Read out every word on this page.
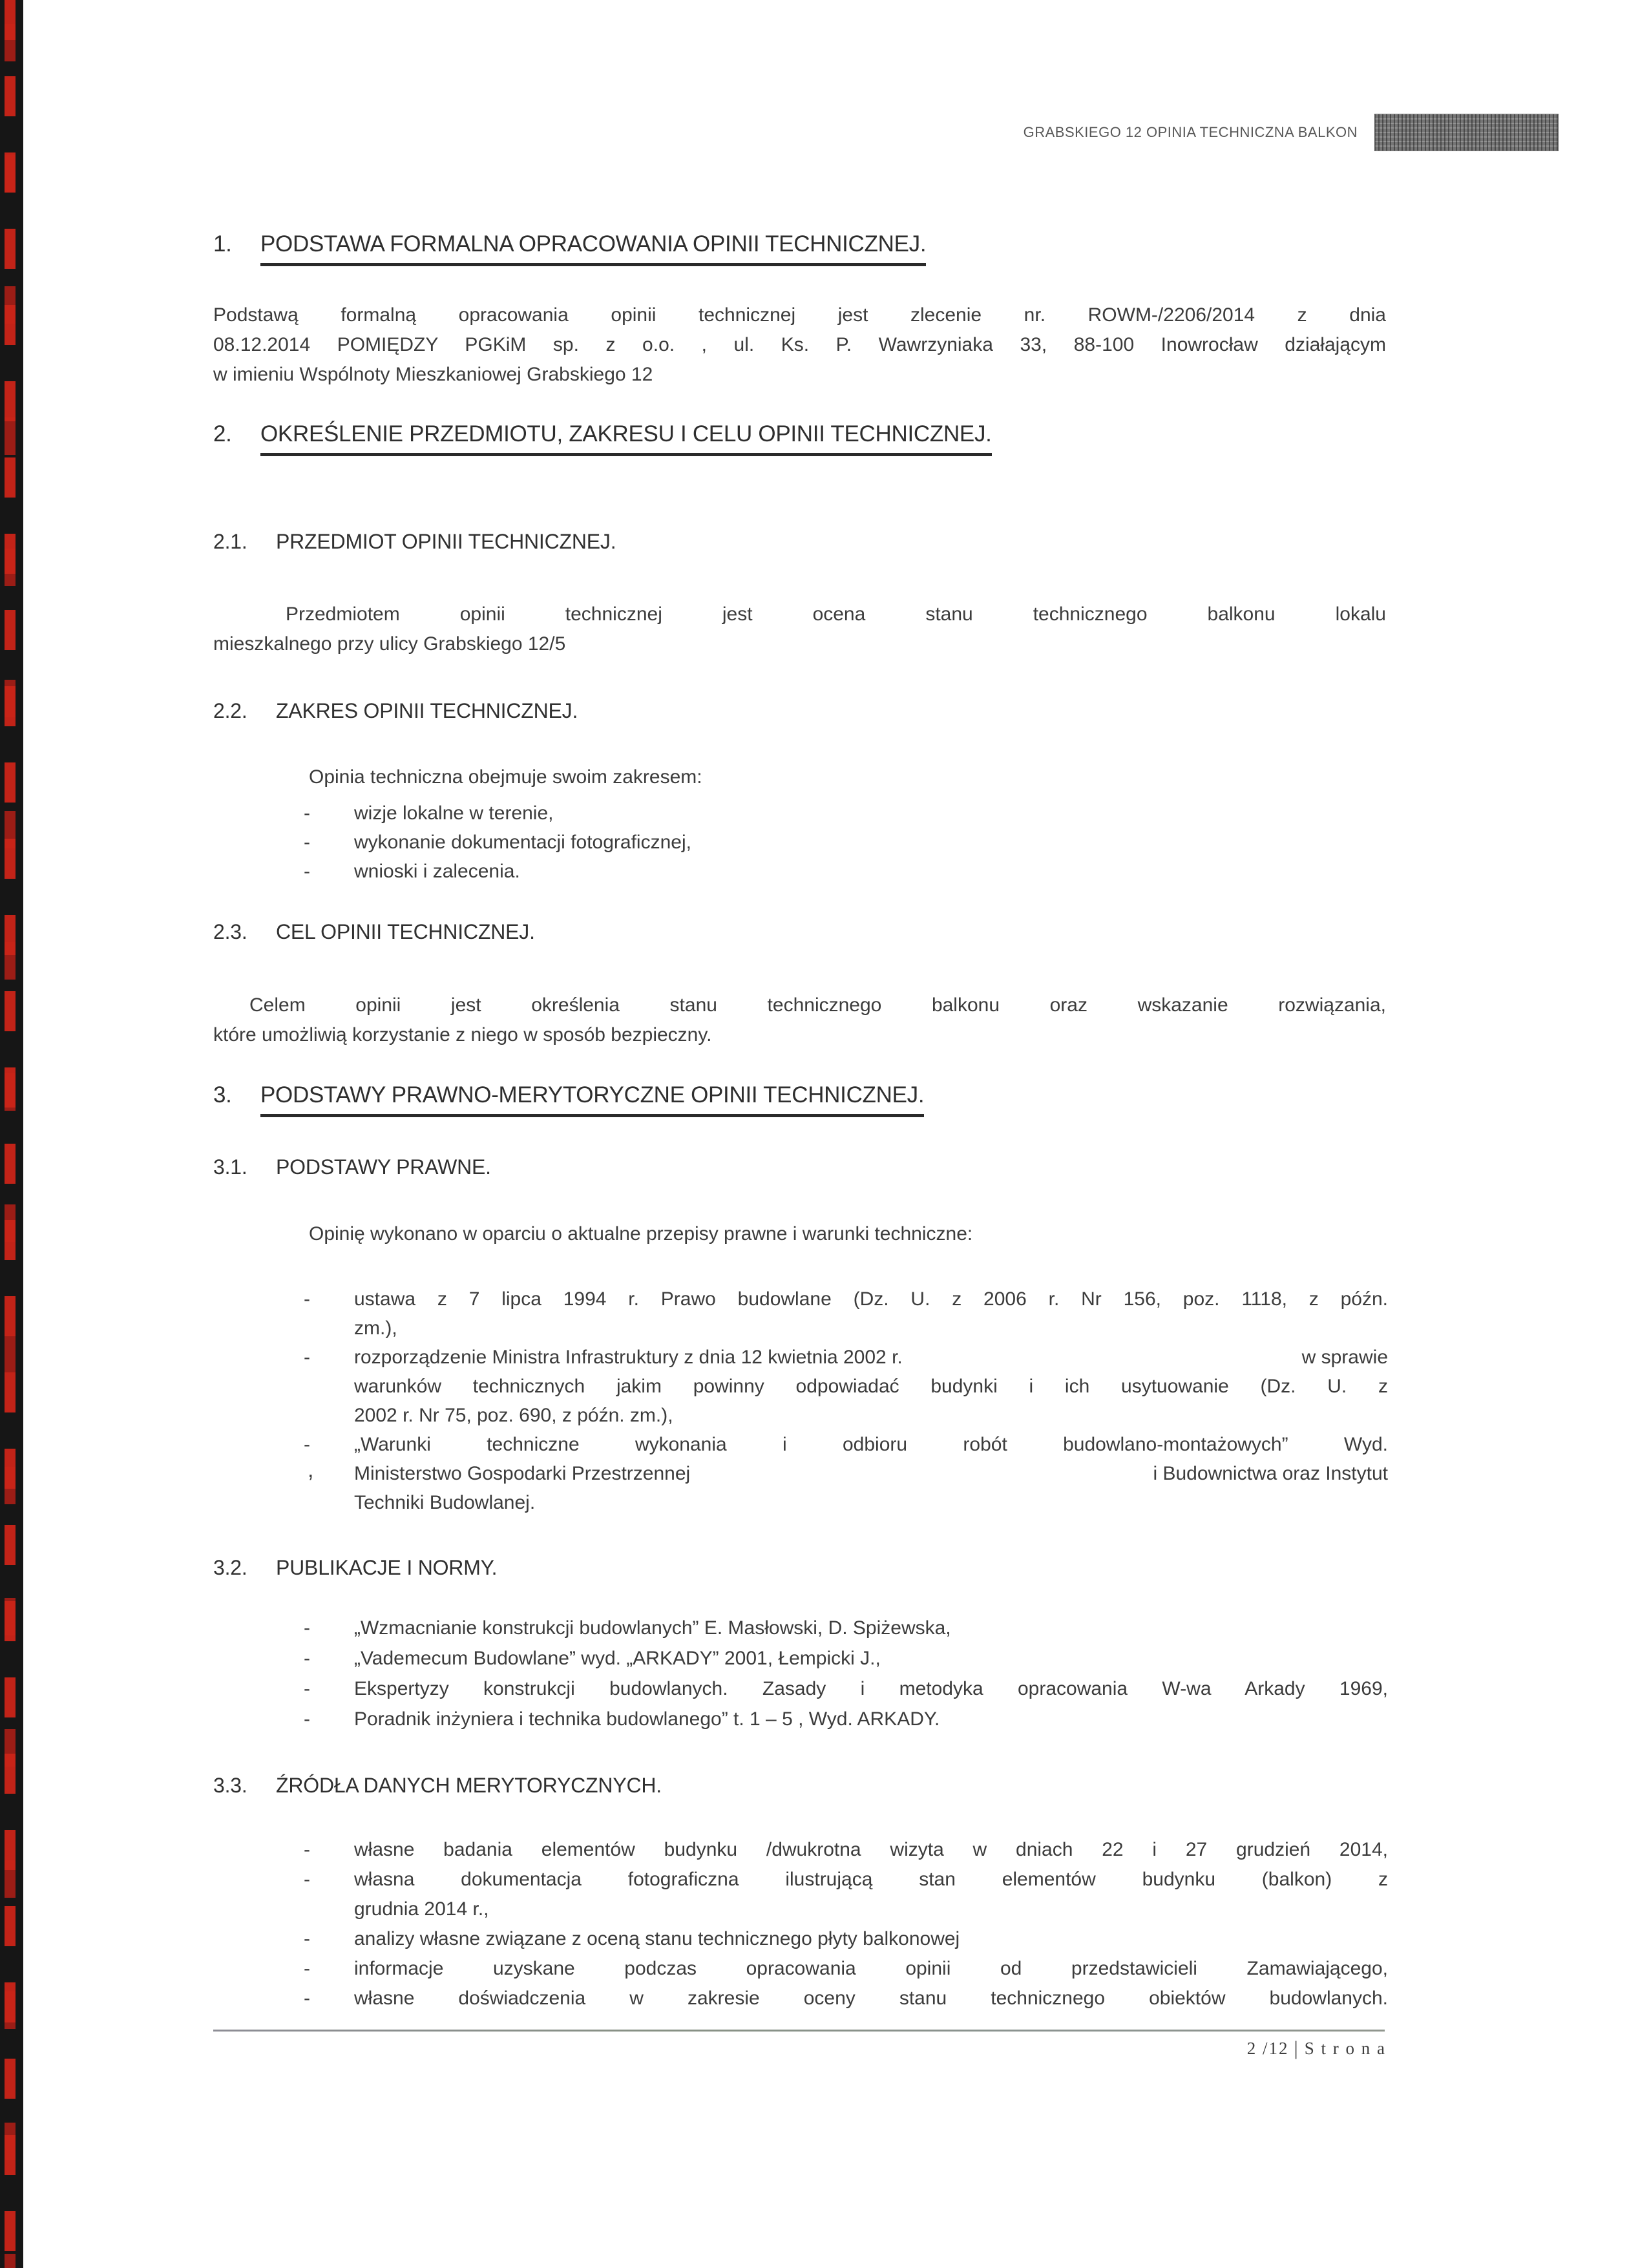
GRABSKIEGO 12 OPINIA TECHNICZNA BALKON
1.	PODSTAWA FORMALNA OPRACOWANIA OPINII TECHNICZNEJ.
Podstawą formalną opracowania opinii technicznej jest zlecenie nr. ROWM-/2206/2014 z dnia
08.12.2014 POMIĘDZY PGKiM sp. z o.o. , ul. Ks. P. Wawrzyniaka 33, 88-100 Inowrocław działającym
w imieniu Wspólnoty Mieszkaniowej Grabskiego 12
2.	OKREŚLENIE PRZEDMIOTU, ZAKRESU I CELU OPINII TECHNICZNEJ.
2.1.	PRZEDMIOT OPINII TECHNICZNEJ.
Przedmiotem opinii technicznej jest ocena stanu technicznego balkonu lokalu
mieszkalnego przy ulicy Grabskiego 12/5
2.2.	ZAKRES OPINII TECHNICZNEJ.
Opinia techniczna obejmuje swoim zakresem:
-	wizje lokalne w terenie,
-	wykonanie dokumentacji fotograficznej,
-	wnioski i zalecenia.
2.3.	CEL OPINII TECHNICZNEJ.
Celem opinii jest określenia stanu technicznego balkonu oraz wskazanie rozwiązania,
które umożliwią korzystanie z niego w sposób bezpieczny.
3.	PODSTAWY PRAWNO-MERYTORYCZNE OPINII TECHNICZNEJ.
3.1.	PODSTAWY PRAWNE.
Opinię wykonano w oparciu o aktualne przepisy prawne i warunki techniczne:
-	ustawa z 7 lipca 1994 r. Prawo budowlane (Dz. U. z 2006 r. Nr 156, poz. 1118, z późn.
zm.),
-	rozporządzenie Ministra Infrastruktury z dnia 12 kwietnia 2002 r.	w sprawie
warunków technicznych jakim powinny odpowiadać budynki i ich usytuowanie (Dz. U. z
2002 r. Nr 75, poz. 690, z późn. zm.),
-	„Warunki techniczne wykonania i odbioru robót budowlano-montażowych” Wyd.
Ministerstwo Gospodarki Przestrzennej	i Budownictwa oraz Instytut
Techniki Budowlanej.
,
3.2.	PUBLIKACJE I NORMY.
-	„Wzmacnianie konstrukcji budowlanych” E. Masłowski, D. Spiżewska,
-	„Vademecum Budowlane” wyd. „ARKADY” 2001, Łempicki J.,
-	Ekspertyzy konstrukcji budowlanych. Zasady i metodyka opracowania W-wa Arkady 1969,
-	Poradnik inżyniera i technika budowlanego” t. 1 – 5 , Wyd. ARKADY.
3.3.	ŹRÓDŁA DANYCH MERYTORYCZNYCH.
-	własne badania elementów budynku /dwukrotna wizyta w dniach 22 i 27 grudzień 2014,
-	własna dokumentacja fotograficzna ilustrującą stan elementów budynku (balkon) z
grudnia 2014 r.,
-	analizy własne związane z oceną stanu technicznego płyty balkonowej
-	informacje uzyskane podczas opracowania opinii od przedstawicieli Zamawiającego,
-	własne doświadczenia w zakresie oceny stanu technicznego obiektów budowlanych.
2 /12 | S t r o n a
